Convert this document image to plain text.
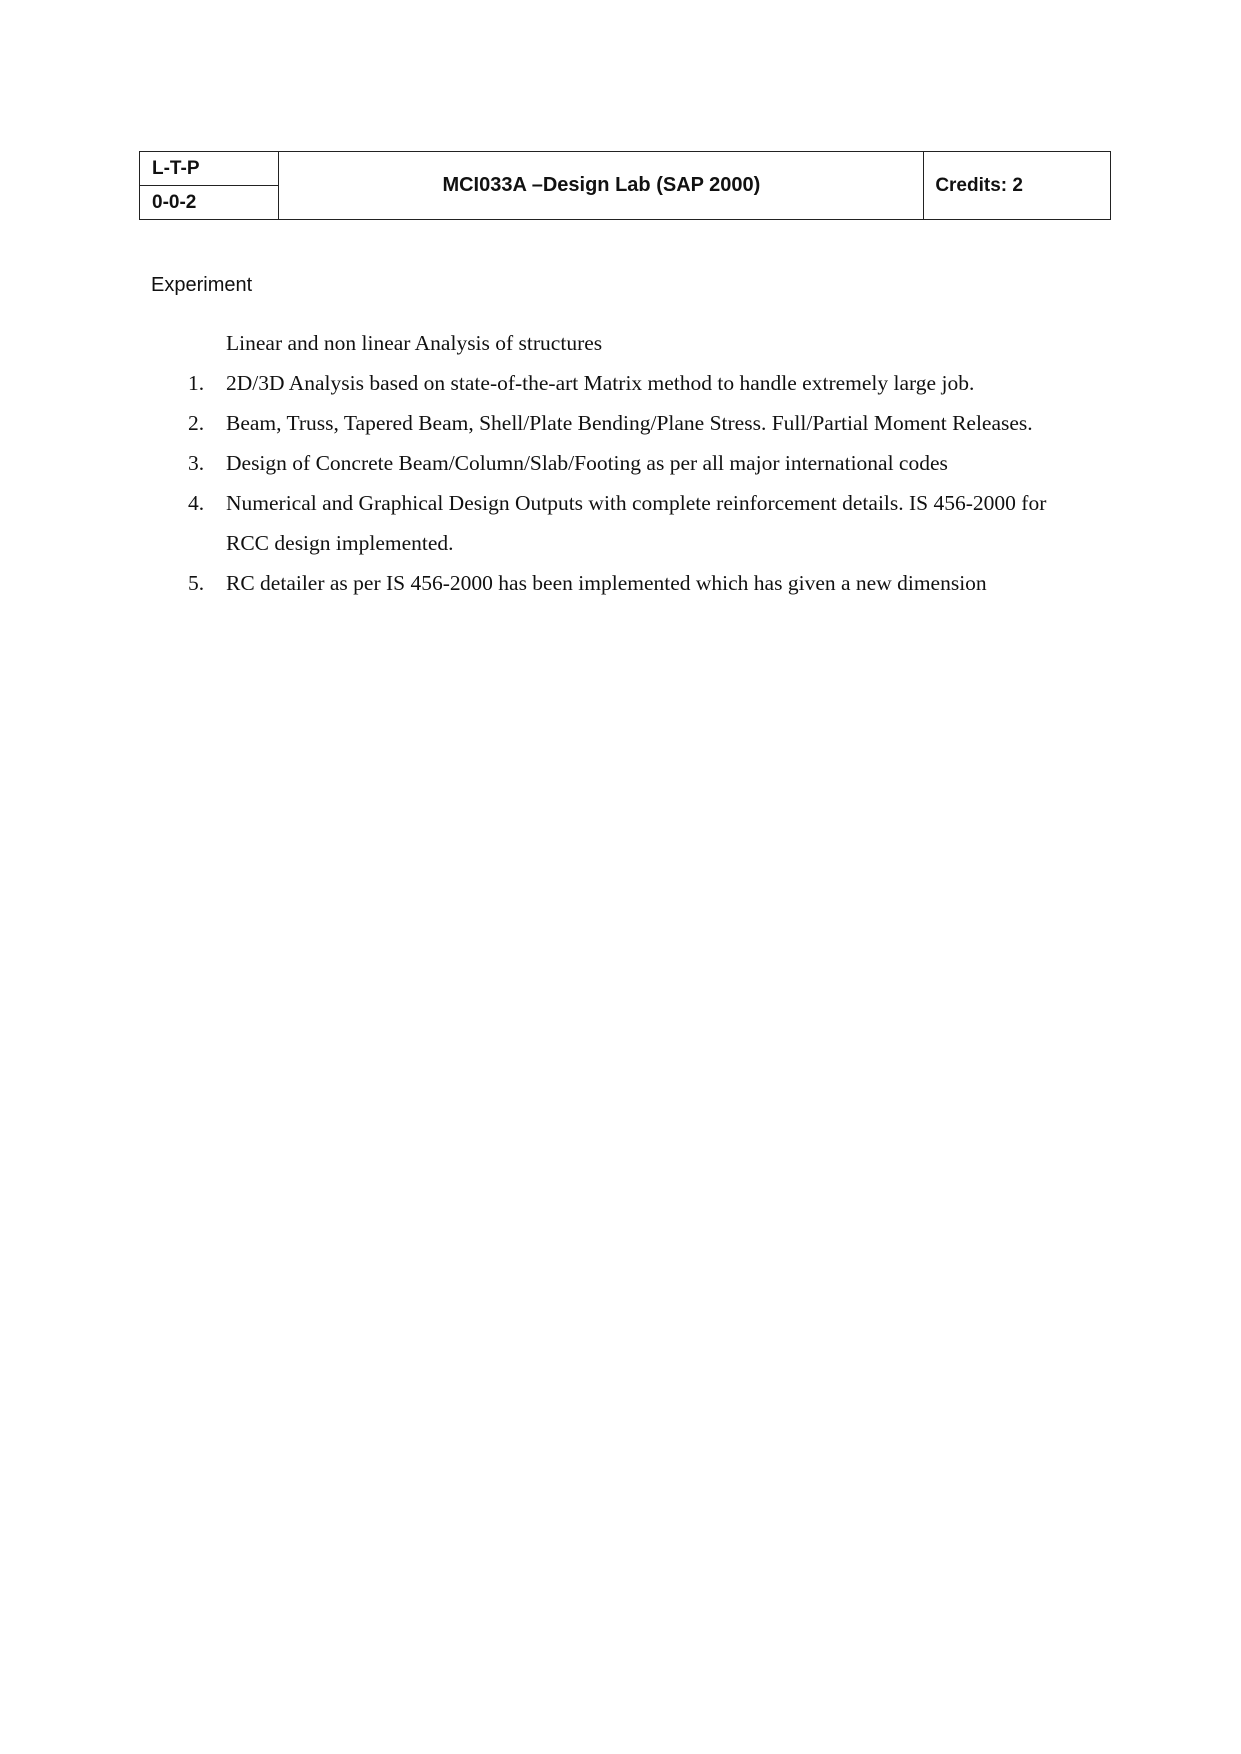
L-T-P	MCI033A –Design Lab (SAP 2000)	Credits: 2
0-0-2
Experiment

Linear and non linear Analysis of structures

1. 2D/3D Analysis based on state-of-the-art Matrix method to handle extremely large job.
2. Beam, Truss, Tapered Beam, Shell/Plate Bending/Plane Stress. Full/Partial Moment Releases.
3. Design of Concrete Beam/Column/Slab/Footing as per all major international codes
4. Numerical and Graphical Design Outputs with complete reinforcement details. IS 456-2000 for RCC design implemented.
5. RC detailer as per IS 456-2000 has been implemented which has given a new dimension
